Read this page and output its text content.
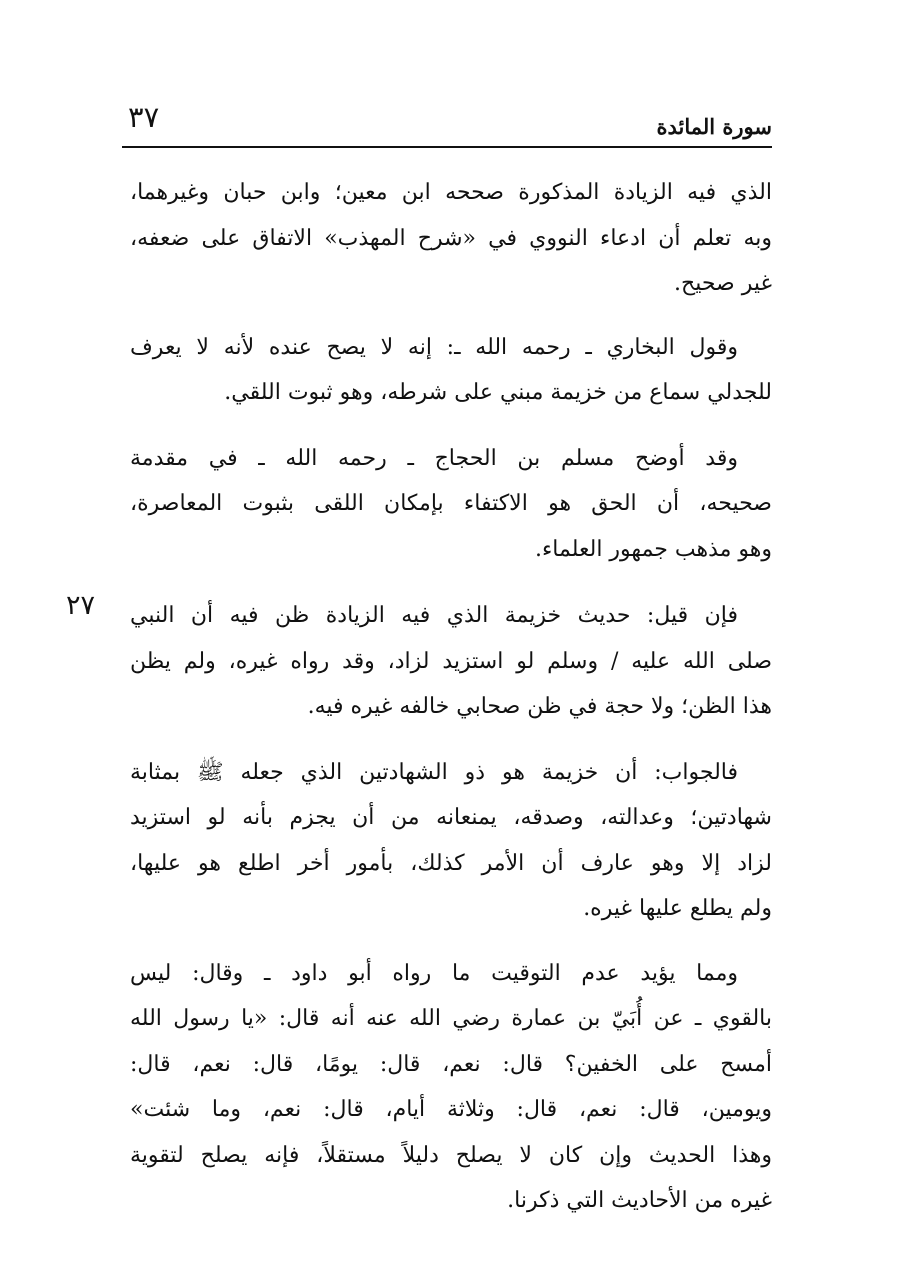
سورة المائدة
٣٧
٢٧

الذي فيه الزيادة المذكورة صححه ابن معين؛ وابن حبان وغيرهما،
وبه تعلم أن ادعاء النووي في «شرح المهذب» الاتفاق على ضعفه،
غير صحيح.

وقول البخاري ـ رحمه الله ـ: إنه لا يصح عنده لأنه لا يعرف
للجدلي سماع من خزيمة مبني على شرطه، وهو ثبوت اللقي.

وقد أوضح مسلم بن الحجاج ـ رحمه الله ـ في مقدمة
صحيحه، أن الحق هو الاكتفاء بإمكان اللقى بثبوت المعاصرة،
وهو مذهب جمهور العلماء.

فإن قيل: حديث خزيمة الذي فيه الزيادة ظن فيه أن النبي
صلى الله عليه / وسلم لو استزيد لزاد، وقد رواه غيره، ولم يظن
هذا الظن؛ ولا حجة في ظن صحابي خالفه غيره فيه.

فالجواب: أن خزيمة هو ذو الشهادتين الذي جعله ﷺ بمثابة
شهادتين؛ وعدالته، وصدقه، يمنعانه من أن يجزم بأنه لو استزيد
لزاد إلا وهو عارف أن الأمر كذلك، بأمور أخر اطلع هو عليها،
ولم يطلع عليها غيره.

ومما يؤيد عدم التوقيت ما رواه أبو داود ـ وقال: ليس
بالقوي ـ عن أُبَيّ بن عمارة رضي الله عنه أنه قال: «يا رسول الله
أمسح على الخفين؟ قال: نعم، قال: يومًا، قال: نعم، قال:
ويومين، قال: نعم، قال: وثلاثة أيام، قال: نعم، وما شئت»
وهذا الحديث وإن كان لا يصلح دليلاً مستقلاً، فإنه يصلح لتقوية
غيره من الأحاديث التي ذكرنا.
